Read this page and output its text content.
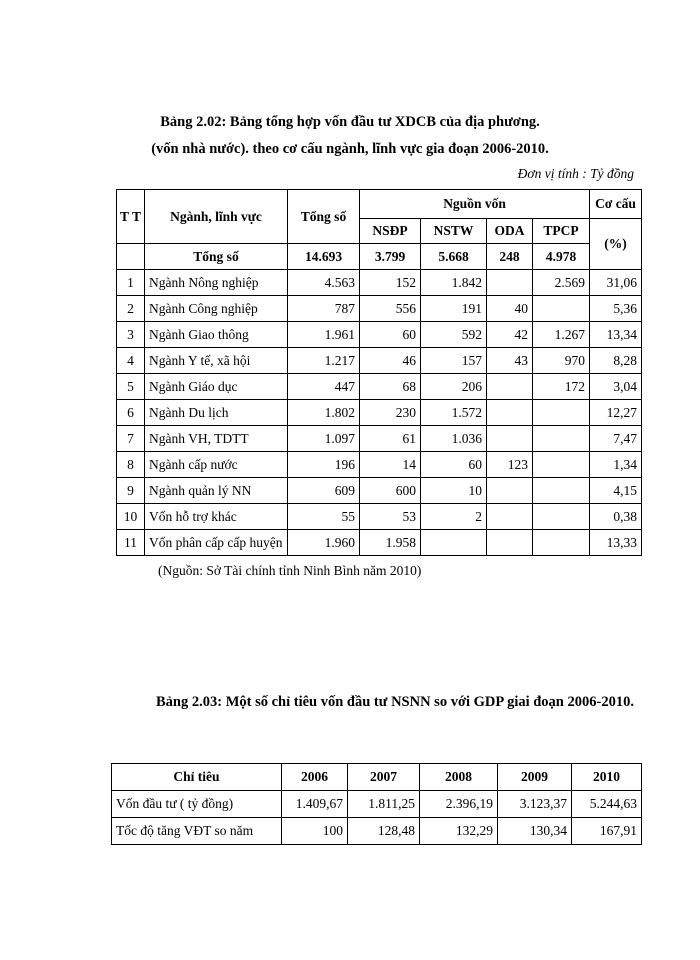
Bảng 2.02: Bảng tổng hợp vốn đầu tư XDCB của địa phương.
(vốn nhà nước). theo cơ cấu ngành, lĩnh vực gia đoạn 2006-2010.
Đơn vị tính : Tỷ đồng
T T	Ngành, lĩnh vực	Tổng số	Nguồn vốn				Cơ cấu
			NSĐP	NSTW	ODA	TPCP	(%)
	Tổng số	14.693	3.799	5.668	248	4.978	
1	Ngành Nông nghiệp	4.563	152	1.842		2.569	31,06
2	Ngành Công nghiệp	787	556	191	40		5,36
3	Ngành Giao thông	1.961	60	592	42	1.267	13,34
4	Ngành Y tế, xã hội	1.217	46	157	43	970	8,28
5	Ngành Giáo dục	447	68	206		172	3,04
6	Ngành Du lịch	1.802	230	1.572			12,27
7	Ngành VH, TDTT	1.097	61	1.036			7,47
8	Ngành cấp nước	196	14	60	123		1,34
9	Ngành quản lý NN	609	600	10			4,15
10	Vốn hỗ trợ khác	55	53	2			0,38
11	Vốn phân cấp cấp huyện	1.960	1.958				13,33
(Nguồn: Sở Tài chính tỉnh Ninh Bình năm 2010)
Bảng 2.03: Một số chỉ tiêu vốn đầu tư NSNN so với GDP giai đoạn 2006-2010.
Chỉ tiêu	2006	2007	2008	2009	2010
Vốn đầu tư ( tỷ đồng)	1.409,67	1.811,25	2.396,19	3.123,37	5.244,63
Tốc độ tăng VĐT so năm	100	128,48	132,29	130,34	167,91
